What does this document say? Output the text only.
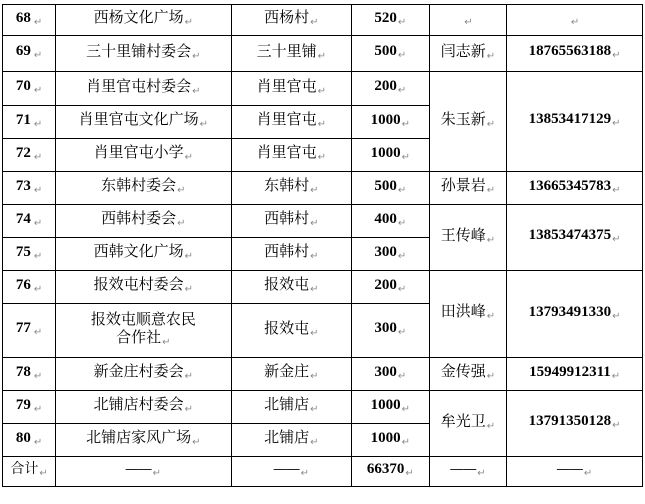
68 $_↵$	西杨文化广场$_↵$	西杨村$_↵$	$520_↵$	$_↵$	$_↵$
69 $_↵$	三十里铺村委会$_↵$	三十里铺$_↵$	$500_↵$	闫志新$_↵$	$18765563188_↵$
70 $_↵$	肖里官屯村委会$_↵$	肖里官屯$_↵$	$200_↵$	朱玉新$_↵$	$13853417129_↵$
71 $_↵$	肖里官屯文化广场$_↵$	肖里官屯$_↵$	$1000_↵$
72 $_↵$	肖里官屯小学$_↵$	肖里官屯$_↵$	$1000_↵$
73 $_↵$	东韩村委会$_↵$	东韩村$_↵$	$500_↵$	孙景岩$_↵$	$13665345783_↵$
74 $_↵$	西韩村委会$_↵$	西韩村$_↵$	$400_↵$	王传峰$_↵$	$13853474375_↵$
75 $_↵$	西韩文化广场$_↵$	西韩村$_↵$	$300_↵$
76 $_↵$	报效屯村委会$_↵$	报效屯$_↵$	$200_↵$	田洪峰$_↵$	$13793491330_↵$
77 $_↵$	报效屯顺意农民
合作社$_↵$	报效屯$_↵$	$300_↵$
78 $_↵$	新金庄村委会$_↵$	新金庄$_↵$	$300_↵$	金传强$_↵$	$15949912311_↵$
79 $_↵$	北铺店村委会$_↵$	北铺店$_↵$	$1000_↵$	牟光卫$_↵$	$13791350128_↵$
80 $_↵$	北铺店家风广场$_↵$	北铺店$_↵$	$1000_↵$
合计$_↵$	$——_↵$	$——_↵$	$66370_↵$	$——_↵$	$——_↵$
